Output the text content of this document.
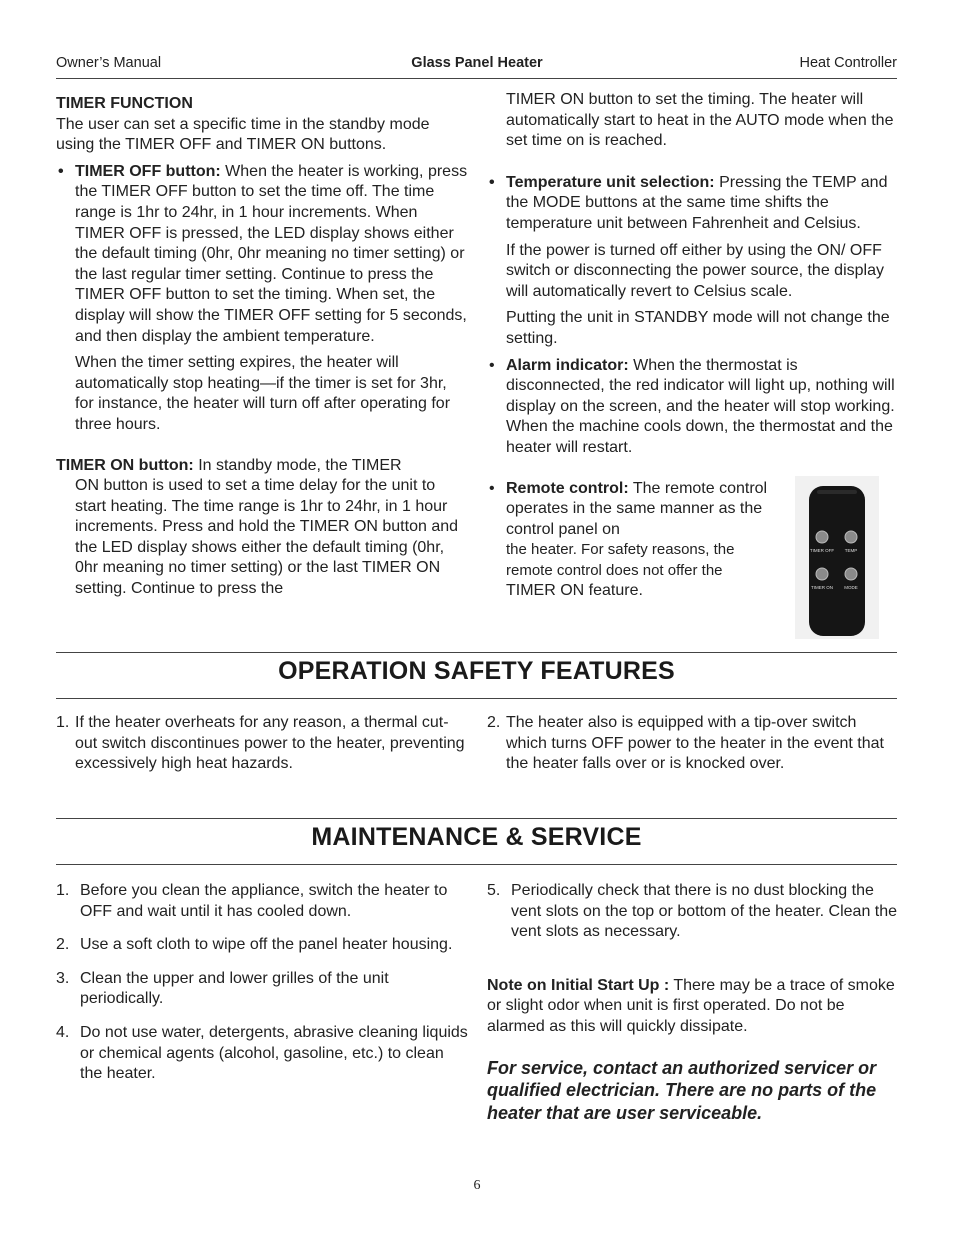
Owner’s Manual	Glass Panel Heater	Heat Controller

TIMER FUNCTION

The user can set a specific time in the standby mode using the TIMER OFF and TIMER ON buttons.

• TIMER OFF button: When the heater is working, press the TIMER OFF button to set the time off. The time range is 1hr to 24hr, in 1 hour increments. When TIMER OFF is pressed, the LED display shows either the default timing (0hr, 0hr meaning no timer setting) or the last regular timer setting. Continue to press the TIMER OFF button to set the timing. When set, the display will show the TIMER OFF setting for 5 seconds, and then display the ambient temperature.

When the timer setting expires, the heater will automatically stop heating—if the timer is set for 3hr, for instance, the heater will turn off after operating for three hours.

TIMER ON button: In standby mode, the TIMER

ON button is used to set a time delay for the unit to start heating. The time range is 1hr to 24hr, in 1 hour increments. Press and hold the TIMER ON button and the LED display shows either the default timing (0hr, 0hr meaning no timer setting) or the last TIMER ON setting. Continue to press the

TIMER ON button to set the timing. The heater will automatically start to heat in the AUTO mode when the set time on is reached.

• Temperature unit selection: Pressing the TEMP and the MODE buttons at the same time shifts the temperature unit between Fahrenheit and Celsius.

If the power is turned off either by using the ON/ OFF switch or disconnecting the power source, the display will automatically revert to Celsius scale.

Putting the unit in STANDBY mode will not change the setting.

• Alarm indicator: When the thermostat is disconnected, the red indicator will light up, nothing will display on the screen, and the heater will stop working. When the machine cools down, the thermostat and the heater will restart.

• Remote control: The remote control operates in the same manner as the control panel on

the heater. For safety reasons, the remote control does not offer the

TIMER ON feature.

TIMER OFF TEMP
TIMER ON	MODE
OPERATION SAFETY FEATURES
1. If the heater overheats for any reason, a thermal cut-out switch discontinues power to the heater, preventing excessively high heat hazards.

2. The heater also is equipped with a tip-over switch which turns OFF power to the heater in the event that the heater falls over or is knocked over.

MAINTENANCE & SERVICE
1. Before you clean the appliance, switch the heater to OFF and wait until it has cooled down.

2. Use a soft cloth to wipe off the panel heater housing.

3. Clean the upper and lower grilles of the unit periodically.

4. Do not use water, detergents, abrasive cleaning liquids or chemical agents (alcohol, gasoline, etc.) to clean the heater.

5. Periodically check that there is no dust blocking the vent slots on the top or bottom of the heater. Clean the vent slots as necessary.

Note on Initial Start Up : There may be a trace of smoke or slight odor when unit is first operated. Do not be alarmed as this will quickly dissipate.

For service, contact an authorized servicer or qualified electrician. There are no parts of the heater that are user serviceable.

6
